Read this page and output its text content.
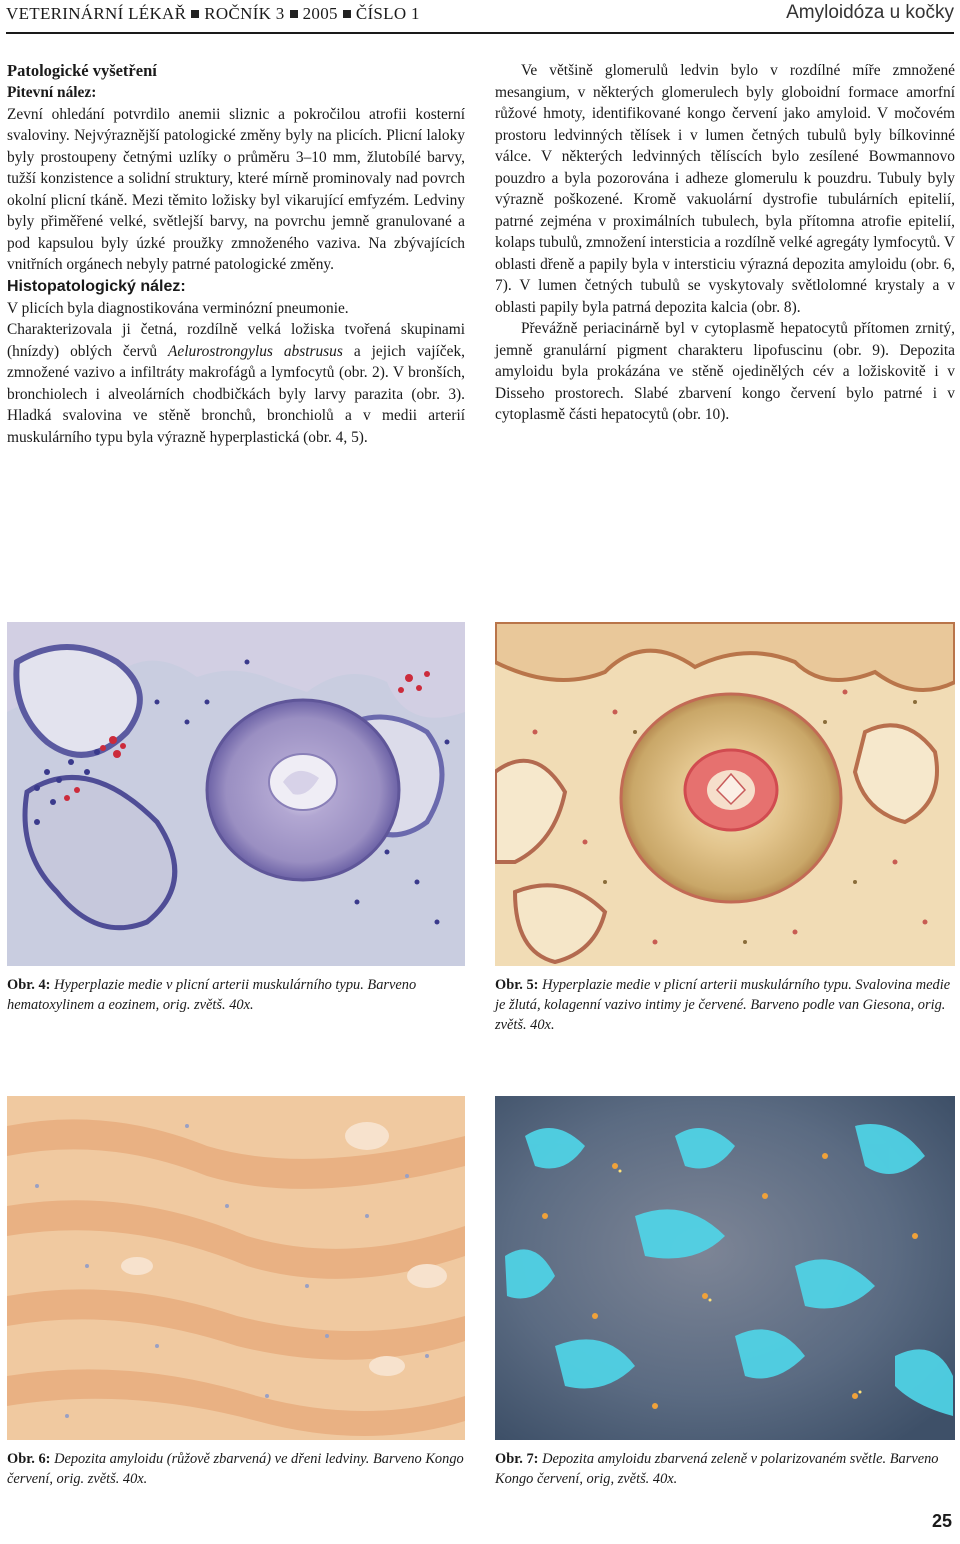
VETERINÁRNÍ LÉKAŘ ROČNÍK 3 2005 ČÍSLO 1	Amyloidóza u kočky

Patologické vyšetření

Pitevní nález:

Zevní ohledání potvrdilo anemii sliznic a pokročilou atrofii kosterní svaloviny. Nejvýraznější patologické změny byly na plicích. Plicní laloky byly prostoupeny četnými uzlíky o průměru 3–10 mm, žlutobílé barvy, tužší konzistence a solidní struktury, které mírně prominovaly nad povrch okolní plicní tkáně. Mezi těmito ložisky byl vikarující emfyzém. Ledviny byly přiměřené velké, světlejší barvy, na povrchu jemně granulované a pod kapsulou byly úzké proužky zmnoženého vaziva. Na zbývajících vnitřních orgánech nebyly patrné patologické změny.

Histopatologický nález:

V plicích byla diagnostikována verminózní pneumonie.

Charakterizovala ji četná, rozdílně velká ložiska tvořená skupinami (hnízdy) oblých červů Aelurostrongylus abstrusus a jejich vajíček, zmnožené vazivo a infiltráty makrofágů a lymfocytů (obr. 2). V bronších, bronchiolech i alveolárních chodbičkách byly larvy parazita (obr. 3). Hladká svalovina ve stěně bronchů, bronchiolů a v medii arterií muskulárního typu byla výrazně hyperplastická (obr. 4, 5).

Ve většině glomerulů ledvin bylo v rozdílné míře zmnožené mesangium, v některých glomerulech byly globoidní formace amorfní růžové hmoty, identifikované kongo červení jako amyloid. V močovém prostoru ledvinných tělísek i v lumen četných tubulů byly bílkovinné válce. V některých ledvinných tělíscích bylo zesílené Bowmannovo pouzdro a byla pozorována i adheze glomerulu k pouzdru. Tubuly byly výrazně poškozené. Kromě vakuolární dystrofie tubulárních epitelií, patrné zejména v proximálních tubulech, byla přítomna atrofie epitelií, kolaps tubulů, zmnožení intersticia a rozdílně velké agregáty lymfocytů. V oblasti dřeně a papily byla v intersticiu výrazná depozita amyloidu (obr. 6, 7). V lumen četných tubulů se vyskytovaly světlolomné krystaly a v oblasti papily byla patrná depozita kalcia (obr. 8).

Převážně periacinárně byl v cytoplasmě hepatocytů přítomen zrnitý, jemně granulární pigment charakteru lipofuscinu (obr. 9). Depozita amyloidu byla prokázána ve stěně ojedinělých cév a ložiskovitě i v Disseho prostorech. Slabé zbarvení kongo červení bylo patrné i v cytoplasmě části hepatocytů (obr. 10).

Obr. 4: Hyperplazie medie v plicní arterii muskulárního typu. Barveno hematoxylinem a eozinem, orig. zvětš. 40x.
Obr. 5: Hyperplazie medie v plicní arterii muskulárního typu. Svalovina medie je žlutá, kolagenní vazivo intimy je červené. Barveno podle van Giesona, orig. zvětš. 40x.
Obr. 6: Depozita amyloidu (růžově zbarvená) ve dřeni ledviny. Barveno Kongo červení, orig. zvětš. 40x.
Obr. 7: Depozita amyloidu zbarvená zeleně v polarizovaném světle. Barveno Kongo červení, orig, zvětš. 40x.
25
